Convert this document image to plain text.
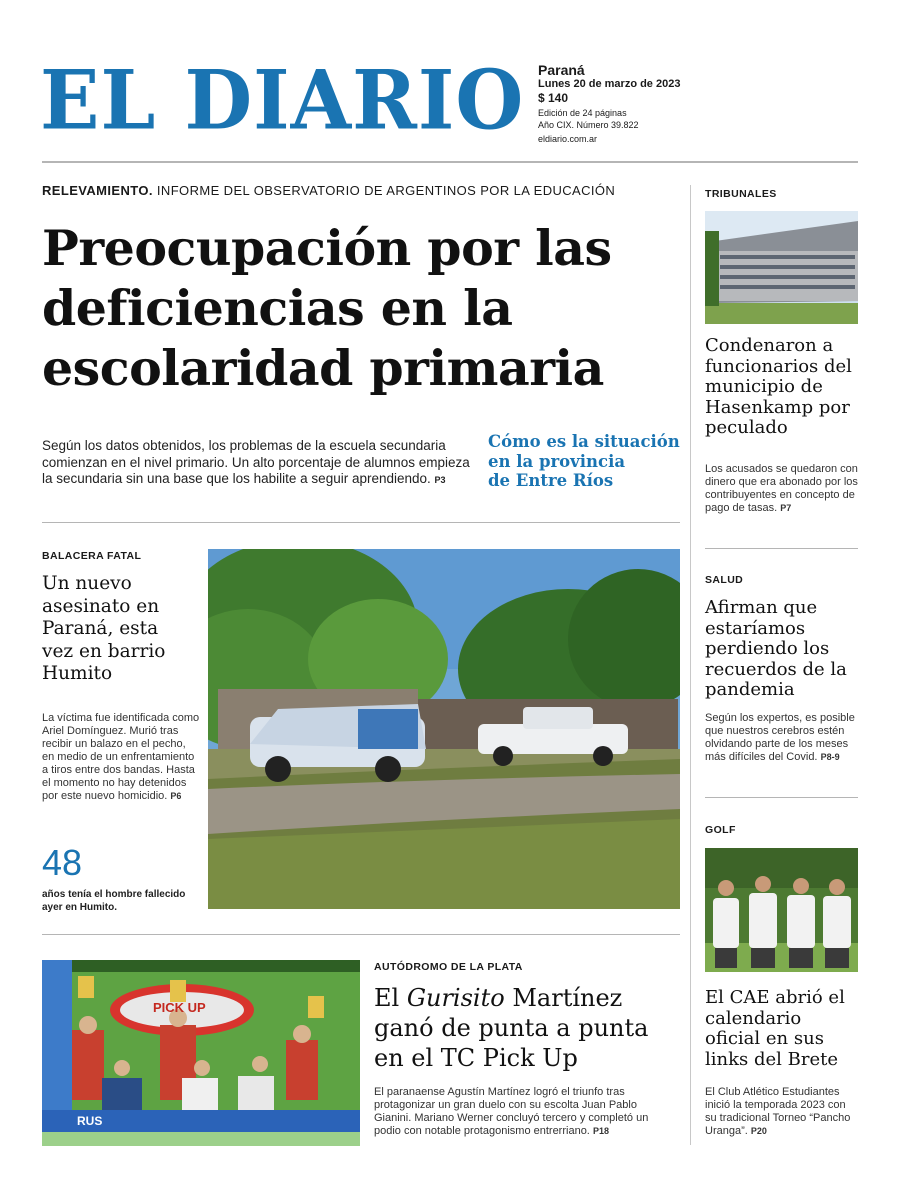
EL DIARIO Paraná
Lunes 20 de marzo de 2023
$ 140
Edición de 24 páginas
Año CIX. Número 39.822
eldiario.com.ar
RELEVAMIENTO. INFORME DEL OBSERVATORIO DE ARGENTINOS POR LA EDUCACIÓN
Preocupación por las
deficiencias en la
escolaridad primaria
Según los datos obtenidos, los problemas de la escuela secundaria comienzan en el nivel primario. Un alto porcentaje de alumnos empieza la secundaria sin una base que los habilite a seguir aprendiendo. P3
Cómo es la situación
en la provincia
de Entre Ríos
BALACERA FATAL
Un nuevo asesinato en Paraná, esta vez en barrio Humito
La víctima fue identificada como Ariel Domínguez. Murió tras recibir un balazo en el pecho, en medio de un enfrentamiento a tiros entre dos bandas. Hasta el momento no hay detenidos por este nuevo homicidio. P6
48
años tenía el hombre fallecido ayer en Humito.
TRIBUNALES
Condenaron a funcionarios del municipio de Hasenkamp por peculado
Los acusados se quedaron con dinero que era abonado por los contribuyentes en concepto de pago de tasas. P7
SALUD
Afirman que estaríamos perdiendo los recuerdos de la pandemia
Según los expertos, es posible que nuestros cerebros estén olvidando parte de los meses más difíciles del Covid. P8-9
GOLF
El CAE abrió el calendario oficial en sus links del Brete
El Club Atlético Estudiantes inició la temporada 2023 con su tradicional Torneo “Pancho Uranga”. P20
RUS
PICK UP
AUTÓDROMO DE LA PLATA
El Gurisito Martínez ganó de punta a punta en el TC Pick Up
El paranaense Agustín Martínez logró el triunfo tras protagonizar un gran duelo con su escolta Juan Pablo Gianini. Mariano Werner concluyó tercero y completó un podio con notable protagonismo entrerriano. P18
